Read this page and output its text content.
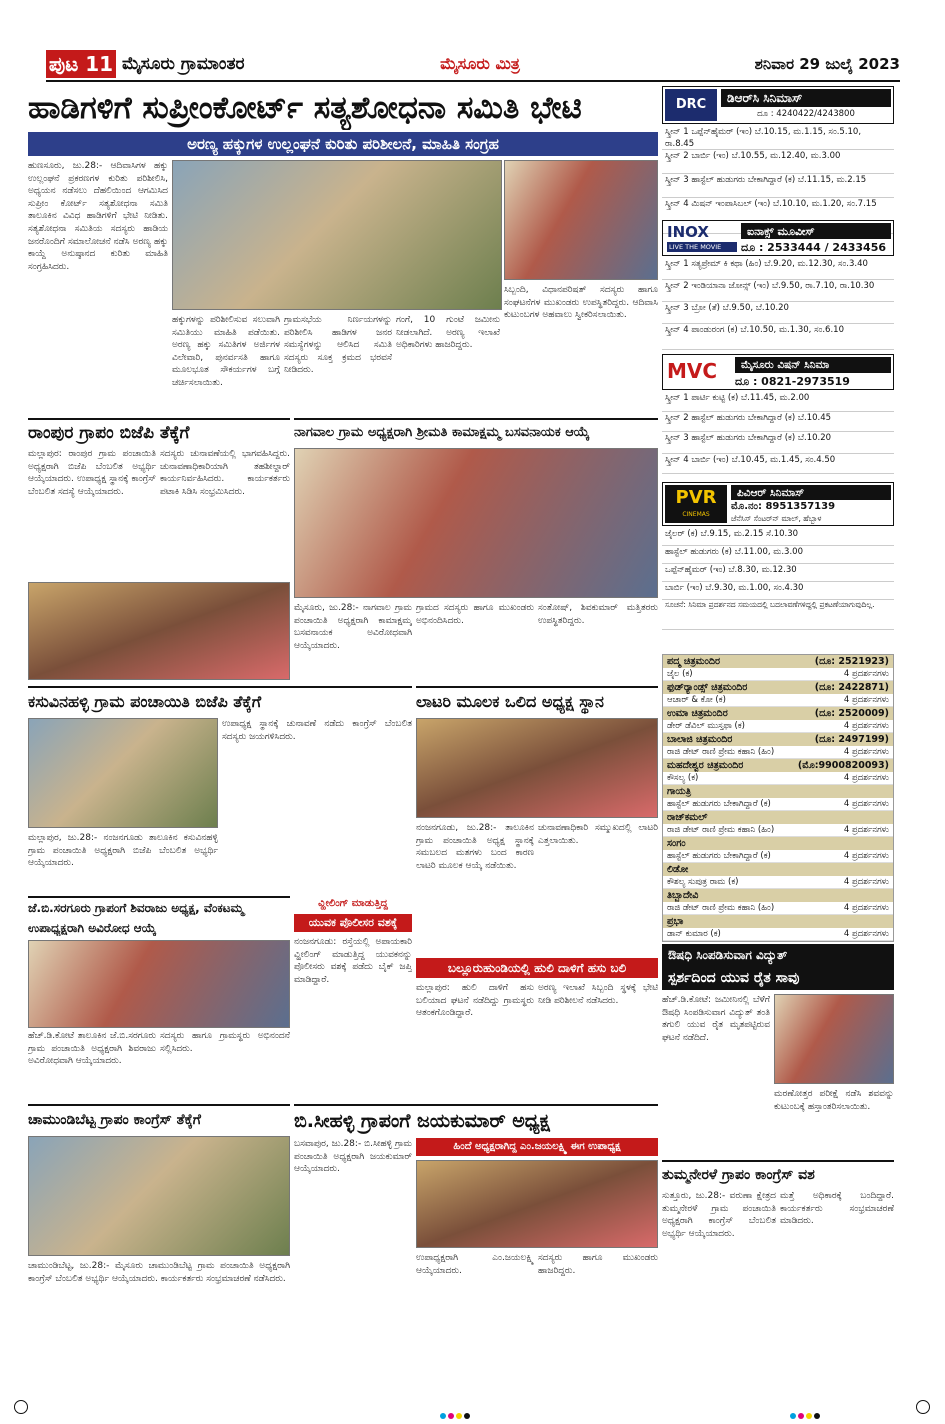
ಪುಟ 11 ಮೈಸೂರು ಗ್ರಾಮಾಂತರ	ಮೈಸೂರು ಮಿತ್ರ	ಶನಿವಾರ 29 ಜುಲೈ 2023
ಹಾಡಿಗಳಿಗೆ ಸುಪ್ರೀಂಕೋರ್ಟ್ ಸತ್ಯಶೋಧನಾ ಸಮಿತಿ ಭೇಟಿ
ಅರಣ್ಯ ಹಕ್ಕುಗಳ ಉಲ್ಲಂಘನೆ ಕುರಿತು ಪರಿಶೀಲನೆ, ಮಾಹಿತಿ ಸಂಗ್ರಹ
ಹುಣಸೂರು, ಜು.28:- ಆದಿವಾಸಿಗಳ ಹಕ್ಕು ಉಲ್ಲಂಘನೆ ಪ್ರಕರಣಗಳ ಕುರಿತು ಪರಿಶೀಲಿಸಿ, ಅಧ್ಯಯನ ನಡೆಸಲು ದೆಹಲಿಯಿಂದ ಆಗಮಿಸಿದ ಸುಪ್ರೀಂ ಕೋರ್ಟ್ ಸತ್ಯಶೋಧನಾ ಸಮಿತಿ ತಾಲೂಕಿನ ವಿವಿಧ ಹಾಡಿಗಳಿಗೆ ಭೇಟಿ ನೀಡಿತು. ಸತ್ಯಶೋಧನಾ ಸಮಿತಿಯ ಸದಸ್ಯರು ಹಾಡಿಯ ಜನರೊಂದಿಗೆ ಸಮಾಲೋಚನೆ ನಡೆಸಿ ಅರಣ್ಯ ಹಕ್ಕು ಕಾಯ್ದೆ ಅನುಷ್ಠಾನದ ಕುರಿತು ಮಾಹಿತಿ ಸಂಗ್ರಹಿಸಿದರು.
ಹಕ್ಕುಗಳನ್ನು ಪರಿಶೀಲಿಸುವ ಸಲುವಾಗಿ ಸಮಿತಿಯು ಮಾಹಿತಿ ಪಡೆಯಿತು. ಅರಣ್ಯ ಹಕ್ಕು ಸಮಿತಿಗಳ ಅರ್ಜಿಗಳ ವಿಲೇವಾರಿ, ಪುನರ್ವಸತಿ ಹಾಗೂ ಮೂಲಭೂತ ಸೌಕರ್ಯಗಳ ಬಗ್ಗೆ ಚರ್ಚಿಸಲಾಯಿತು.
ಗ್ರಾಮಸಭೆಯ ನಿರ್ಣಯಗಳನ್ನು ಪರಿಶೀಲಿಸಿ ಹಾಡಿಗಳ ಜನರ ಸಮಸ್ಯೆಗಳನ್ನು ಆಲಿಸಿದ ಸಮಿತಿ ಸದಸ್ಯರು ಸೂಕ್ತ ಕ್ರಮದ ಭರವಸೆ ನೀಡಿದರು.
ಗಂಗೆ, 10 ಗುಂಟೆ ಜಮೀನು ನೀಡಲಾಗಿದೆ. ಅರಣ್ಯ ಇಲಾಖೆ ಅಧಿಕಾರಿಗಳು ಹಾಜರಿದ್ದರು.
ಸಿಬ್ಬಂದಿ, ವಿಧಾನಪರಿಷತ್ ಸದಸ್ಯರು ಹಾಗೂ ಸಂಘಟನೆಗಳ ಮುಖಂಡರು ಉಪಸ್ಥಿತರಿದ್ದರು. ಆದಿವಾಸಿ ಕುಟುಂಬಗಳ ಅಹವಾಲು ಸ್ವೀಕರಿಸಲಾಯಿತು.
ರಾಂಪುರ ಗ್ರಾಪಂ ಬಿಜೆಪಿ ತೆಕ್ಕೆಗೆ
ಮಲ್ಲಾಪುರ: ರಾಂಪುರ ಗ್ರಾಮ ಪಂಚಾಯಿತಿ ಅಧ್ಯಕ್ಷರಾಗಿ ಬಿಜೆಪಿ ಬೆಂಬಲಿತ ಅಭ್ಯರ್ಥಿ ಆಯ್ಕೆಯಾದರು. ಉಪಾಧ್ಯಕ್ಷ ಸ್ಥಾನಕ್ಕೆ ಕಾಂಗ್ರೆಸ್ ಬೆಂಬಲಿತ ಸದಸ್ಯೆ ಆಯ್ಕೆಯಾದರು.
ಸದಸ್ಯರು ಚುನಾವಣೆಯಲ್ಲಿ ಭಾಗವಹಿಸಿದ್ದರು. ಚುನಾವಣಾಧಿಕಾರಿಯಾಗಿ ತಹಶೀಲ್ದಾರ್ ಕಾರ್ಯನಿರ್ವಹಿಸಿದರು. ಕಾರ್ಯಕರ್ತರು ಪಟಾಕಿ ಸಿಡಿಸಿ ಸಂಭ್ರಮಿಸಿದರು.
ನಾಗವಾಲ ಗ್ರಾಮ ಅಧ್ಯಕ್ಷರಾಗಿ ಶ್ರೀಮತಿ ಕಾಮಾಕ್ಷಮ್ಮ ಬಸವನಾಯಕ ಆಯ್ಕೆ
ಮೈಸೂರು, ಜು.28:- ನಾಗವಾಲ ಗ್ರಾಮ ಪಂಚಾಯಿತಿ ಅಧ್ಯಕ್ಷರಾಗಿ ಕಾಮಾಕ್ಷಮ್ಮ ಬಸವನಾಯಕ ಅವಿರೋಧವಾಗಿ ಆಯ್ಕೆಯಾದರು.
ಗ್ರಾಮದ ಸದಸ್ಯರು ಹಾಗೂ ಮುಖಂಡರು ಅಭಿನಂದಿಸಿದರು.
ಸಂತೋಷ್, ಶಿವಕುಮಾರ್ ಮತ್ತಿತರರು ಉಪಸ್ಥಿತರಿದ್ದರು.
ಕಸುವಿನಹಳ್ಳಿ ಗ್ರಾಮ ಪಂಚಾಯಿತಿ ಬಿಜೆಪಿ ತೆಕ್ಕೆಗೆ
ಉಪಾಧ್ಯಕ್ಷ ಸ್ಥಾನಕ್ಕೆ ಚುನಾವಣೆ ನಡೆದು ಕಾಂಗ್ರೆಸ್ ಬೆಂಬಲಿತ ಸದಸ್ಯರು ಜಯಗಳಿಸಿದರು.
ಮಲ್ಲಾಪುರ, ಜು.28:- ನಂಜನಗೂಡು ತಾಲೂಕಿನ ಕಸುವಿನಹಳ್ಳಿ ಗ್ರಾಮ ಪಂಚಾಯಿತಿ ಅಧ್ಯಕ್ಷರಾಗಿ ಬಿಜೆಪಿ ಬೆಂಬಲಿತ ಅಭ್ಯರ್ಥಿ ಆಯ್ಕೆಯಾದರು.
ಲಾಟರಿ ಮೂಲಕ ಒಲಿದ ಅಧ್ಯಕ್ಷ ಸ್ಥಾನ
ನಂಜನಗೂಡು, ಜು.28:- ತಾಲೂಕಿನ ಗ್ರಾಮ ಪಂಚಾಯಿತಿ ಅಧ್ಯಕ್ಷ ಸ್ಥಾನಕ್ಕೆ ಸಮಬಲದ ಮತಗಳು ಬಂದ ಕಾರಣ ಲಾಟರಿ ಮೂಲಕ ಆಯ್ಕೆ ನಡೆಯಿತು.
ಚುನಾವಣಾಧಿಕಾರಿ ಸಮ್ಮುಖದಲ್ಲಿ ಲಾಟರಿ ಎತ್ತಲಾಯಿತು.
ಜೆ.ಬಿ.ಸರಗೂರು ಗ್ರಾಪಂಗೆ ಶಿವರಾಜು ಅಧ್ಯಕ್ಷ, ವೆಂಕಟಮ್ಮ ಉಪಾಧ್ಯಕ್ಷರಾಗಿ ಅವಿರೋಧ ಆಯ್ಕೆ
ಹೆಚ್.ಡಿ.ಕೋಟೆ ತಾಲೂಕಿನ ಜೆ.ಬಿ.ಸರಗೂರು ಗ್ರಾಮ ಪಂಚಾಯಿತಿ ಅಧ್ಯಕ್ಷರಾಗಿ ಶಿವರಾಜು ಅವಿರೋಧವಾಗಿ ಆಯ್ಕೆಯಾದರು.
ಸದಸ್ಯರು ಹಾಗೂ ಗ್ರಾಮಸ್ಥರು ಅಭಿನಂದನೆ ಸಲ್ಲಿಸಿದರು.
ವ್ಹೀಲಿಂಗ್ ಮಾಡುತ್ತಿದ್ದ
ಯುವಕ ಪೊಲೀಸರ ವಶಕ್ಕೆ
ನಂಜನಗೂಡು: ರಸ್ತೆಯಲ್ಲಿ ಅಪಾಯಕಾರಿ ವ್ಹೀಲಿಂಗ್ ಮಾಡುತ್ತಿದ್ದ ಯುವಕನನ್ನು ಪೊಲೀಸರು ವಶಕ್ಕೆ ಪಡೆದು ಬೈಕ್ ಜಪ್ತಿ ಮಾಡಿದ್ದಾರೆ.
ಬಲ್ಲೂರುಹುಂಡಿಯಲ್ಲಿ ಹುಲಿ ದಾಳಿಗೆ ಹಸು ಬಲಿ
ಮಲ್ಲಾಪುರ: ಹುಲಿ ದಾಳಿಗೆ ಹಸು ಬಲಿಯಾದ ಘಟನೆ ನಡೆದಿದ್ದು ಗ್ರಾಮಸ್ಥರು ಆತಂಕಗೊಂಡಿದ್ದಾರೆ.
ಅರಣ್ಯ ಇಲಾಖೆ ಸಿಬ್ಬಂದಿ ಸ್ಥಳಕ್ಕೆ ಭೇಟಿ ನೀಡಿ ಪರಿಶೀಲನೆ ನಡೆಸಿದರು.
ಚಾಮುಂಡಿಬೆಟ್ಟ ಗ್ರಾಪಂ ಕಾಂಗ್ರೆಸ್ ತೆಕ್ಕೆಗೆ
ಚಾಮುಂಡಿಬೆಟ್ಟ, ಜು.28:- ಮೈಸೂರು ಚಾಮುಂಡಿಬೆಟ್ಟ ಗ್ರಾಮ ಪಂಚಾಯಿತಿ ಅಧ್ಯಕ್ಷರಾಗಿ ಕಾಂಗ್ರೆಸ್ ಬೆಂಬಲಿತ ಅಭ್ಯರ್ಥಿ ಆಯ್ಕೆಯಾದರು. ಕಾರ್ಯಕರ್ತರು ಸಂಭ್ರಮಾಚರಣೆ ನಡೆಸಿದರು.
ಬಿ.ಸೀಹಳ್ಳಿ ಗ್ರಾಪಂಗೆ ಜಯಕುಮಾರ್ ಅಧ್ಯಕ್ಷ
ಬಸವಾಪುರ, ಜು.28:- ಬಿ.ಸೀಹಳ್ಳಿ ಗ್ರಾಮ ಪಂಚಾಯಿತಿ ಅಧ್ಯಕ್ಷರಾಗಿ ಜಯಕುಮಾರ್ ಆಯ್ಕೆಯಾದರು.
ಹಿಂದೆ ಅಧ್ಯಕ್ಷರಾಗಿದ್ದ ಎಂ.ಜಯಲಕ್ಷ್ಮಿ ಈಗ ಉಪಾಧ್ಯಕ್ಷ
ಉಪಾಧ್ಯಕ್ಷರಾಗಿ ಎಂ.ಜಯಲಕ್ಷ್ಮಿ ಆಯ್ಕೆಯಾದರು.
ಸದಸ್ಯರು ಹಾಗೂ ಮುಖಂಡರು ಹಾಜರಿದ್ದರು.
DRC	ಡಿಆರ್‌ಸಿ ಸಿನಿಮಾಸ್
ದೂ : 4240422/4243800
ಸ್ಕ್ರೀನ್ 1 ಒಪ್ಪೆನ್‌ಹೈಮರ್ (ಇಂ) ಬೆ.10.15, ಮ.1.15, ಸಂ.5.10, ರಾ.8.45
ಸ್ಕ್ರೀನ್ 2 ಬಾರ್ಬಿ (ಇಂ) ಬೆ.10.55, ಮ.12.40, ಮ.3.00
ಸ್ಕ್ರೀನ್ 3 ಹಾಸ್ಟೆಲ್ ಹುಡುಗರು ಬೇಕಾಗಿದ್ದಾರೆ (ಕ) ಬೆ.11.15, ಮ.2.15
ಸ್ಕ್ರೀನ್ 4 ಮಿಷನ್ ಇಂಪಾಸಿಬಲ್ (ಇಂ) ಬೆ.10.10, ಮ.1.20, ಸಂ.7.15
INOX
LIVE THE MOVIE
ಐನಾಕ್ಸ್ ಮೂವೀಸ್
ದೂ : 2533444 / 2433456
ಸ್ಕ್ರೀನ್ 1 ಸತ್ಯಪ್ರೇಮ್ ಕಿ ಕಥಾ (ಹಿಂ) ಬೆ.9.20, ಮ.12.30, ಸಂ.3.40
ಸ್ಕ್ರೀನ್ 2 ಇಂಡಿಯಾನಾ ಜೋನ್ಸ್ (ಇಂ) ಬೆ.9.50, ರಾ.7.10, ರಾ.10.30
ಸ್ಕ್ರೀನ್ 3 ಬ್ರೋ (ತೆ) ಬೆ.9.50, ಬೆ.10.20
ಸ್ಕ್ರೀನ್ 4 ಪಾಂಡುರಂಗ (ಕ) ಬೆ.10.50, ಮ.1.30, ಸಂ.6.10
MVC	ಮೈಸೂರು ವಿಷನ್ ಸಿನಿಮಾ
ದೂ : 0821-2973519
ಸ್ಕ್ರೀನ್ 1 ಪಾರ್ಟಿ ಕುಟ್ಟಿ (ಕ) ಬೆ.11.45, ಮ.2.00
ಸ್ಕ್ರೀನ್ 2 ಹಾಸ್ಟೆಲ್ ಹುಡುಗರು ಬೇಕಾಗಿದ್ದಾರೆ (ಕ) ಬೆ.10.45
ಸ್ಕ್ರೀನ್ 3 ಹಾಸ್ಟೆಲ್ ಹುಡುಗರು ಬೇಕಾಗಿದ್ದಾರೆ (ಕ) ಬೆ.10.20
ಸ್ಕ್ರೀನ್ 4 ಬಾರ್ಬಿ (ಇಂ) ಬೆ.10.45, ಮ.1.45, ಸಂ.4.50
PVR
CINEMAS
ಪಿವಿಆರ್ ಸಿನಿಮಾಸ್
ಮೊ.ನಂ: 8951357139
ಜೆನೆಸಿಸ್ ಸೆಂಟರ್‌ನ್ ಮಾಲ್, ಹೆಬ್ಬಾಳ
ಜೈಲರ್ (ಕ) ಬೆ.9.15, ಮ.2.15 ಸೆ.10.30
ಹಾಸ್ಟೆಲ್ ಹುಡುಗರು (ಕ) ಬೆ.11.00, ಮ.3.00
ಒಪ್ಪೆನ್‌ಹೈಮರ್ (ಇಂ) ಬೆ.8.30, ಮ.12.30
ಬಾರ್ಬಿ (ಇಂ) ಬೆ.9.30, ಮ.1.00, ಸಂ.4.30
ಸೂಚನೆ: ಸಿನಿಮಾ ಪ್ರದರ್ಶನದ ಸಮಯದಲ್ಲಿ ಬದಲಾವಣೆಗಳಿದ್ದಲ್ಲಿ ಪ್ರಕಟಣೆಯಾಗುವುದಿಲ್ಲ.
ಪದ್ಮ ಚಿತ್ರಮಂದಿರ	(ದೂ: 2521923)
ಜೈಲ (ಕ)	4 ಪ್ರದರ್ಶನಗಳು
ಫುಡ್‌ರ್‍ಯಾಂಡ್ಸ್ ಚಿತ್ರಮಂದಿರ	(ದೂ: 2422871)
ಆಚಾರ್ & ಕೋ (ಕ)	4 ಪ್ರದರ್ಶನಗಳು
ಉಮಾ ಚಿತ್ರಮಂದಿರ	(ದೂ: 2520009)
ಡೇರ್ ಡೆವಿಲ್ ಮುಸ್ತಫಾ (ಕ)	4 ಪ್ರದರ್ಶನಗಳು
ಬಾಲಾಜಿ ಚಿತ್ರಮಂದಿರ	(ದೂ: 2497199)
ರಾಜಿ ಡೇಟ್ ರಾಣಿ ಪ್ರೇಮ ಕಹಾನಿ (ಹಿಂ)	4 ಪ್ರದರ್ಶನಗಳು
ಮಹದೇಶ್ವರ ಚಿತ್ರಮಂದಿರ	(ಮೊ:9900820093)
ಕೌಸಲ್ಯ (ಕ)	4 ಪ್ರದರ್ಶನಗಳು
ಗಾಯತ್ರಿ
ಹಾಸ್ಟೆಲ್ ಹುಡುಗರು ಬೇಕಾಗಿದ್ದಾರೆ (ಕ)	4 ಪ್ರದರ್ಶನಗಳು
ರಾಜ್‌ಕಮಲ್
ರಾಜಿ ಡೇಟ್ ರಾಣಿ ಪ್ರೇಮ ಕಹಾನಿ (ಹಿಂ)	4 ಪ್ರದರ್ಶನಗಳು
ಸಂಗಂ
ಹಾಸ್ಟೆಲ್ ಹುಡುಗರು ಬೇಕಾಗಿದ್ದಾರೆ (ಕ)	4 ಪ್ರದರ್ಶನಗಳು
ಲಿಡೋ
ಕೌಶಲ್ಯ ಸುಪುತ್ರ ರಾಮ (ಕ)	4 ಪ್ರದರ್ಶನಗಳು
ತಿಬ್ಬಾದೇವಿ
ರಾಜಿ ಡೇಟ್ ರಾಣಿ ಪ್ರೇಮ ಕಹಾನಿ (ಹಿಂ)	4 ಪ್ರದರ್ಶನಗಳು
ಪ್ರಭಾ
ಡಾನ್ ಕುಮಾರ (ಕ)	4 ಪ್ರದರ್ಶನಗಳು
ಔಷಧಿ ಸಿಂಪಡಿಸುವಾಗ ವಿದ್ಯುತ್
ಸ್ಪರ್ಶದಿಂದ ಯುವ ರೈತ ಸಾವು
ಹೆಚ್.ಡಿ.ಕೋಟೆ: ಜಮೀನಿನಲ್ಲಿ ಬೆಳೆಗೆ ಔಷಧಿ ಸಿಂಪಡಿಸುವಾಗ ವಿದ್ಯುತ್ ತಂತಿ ತಗುಲಿ ಯುವ ರೈತ ಮೃತಪಟ್ಟಿರುವ ಘಟನೆ ನಡೆದಿದೆ.
ಮರಣೋತ್ತರ ಪರೀಕ್ಷೆ ನಡೆಸಿ ಶವವನ್ನು ಕುಟುಂಬಕ್ಕೆ ಹಸ್ತಾಂತರಿಸಲಾಯಿತು.
ತುಮ್ಮನೇರಳೆ ಗ್ರಾಪಂ ಕಾಂಗ್ರೆಸ್ ವಶ
ಸುತ್ತೂರು, ಜು.28:- ವರುಣಾ ಕ್ಷೇತ್ರದ ತುಮ್ಮನೇರಳೆ ಗ್ರಾಮ ಪಂಚಾಯಿತಿ ಅಧ್ಯಕ್ಷರಾಗಿ ಕಾಂಗ್ರೆಸ್ ಬೆಂಬಲಿತ ಅಭ್ಯರ್ಥಿ ಆಯ್ಕೆಯಾದರು.
ಮತ್ತೆ ಅಧಿಕಾರಕ್ಕೆ ಬಂದಿದ್ದಾರೆ. ಕಾರ್ಯಕರ್ತರು ಸಂಭ್ರಮಾಚರಣೆ ಮಾಡಿದರು.
